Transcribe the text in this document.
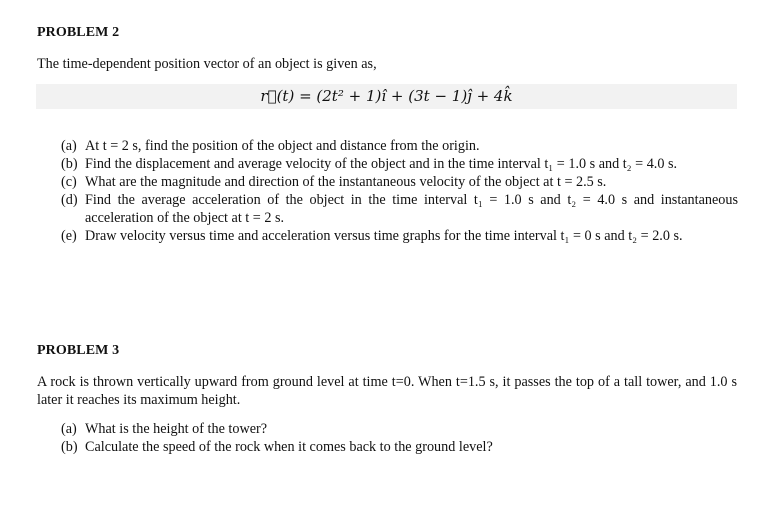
PROBLEM 2
The time-dependent position vector of an object is given as,
r⃗(t) = (2t² + 1)î + (3t − 1)ĵ + 4k̂
(a) At t = 2 s, find the position of the object and distance from the origin.
(b) Find the displacement and average velocity of the object and in the time interval t₁ = 1.0 s and t₂ = 4.0 s.
(c) What are the magnitude and direction of the instantaneous velocity of the object at t = 2.5 s.
(d) Find the average acceleration of the object in the time interval t₁ = 1.0 s and t₂ = 4.0 s and instantaneous acceleration of the object at t = 2 s.
(e) Draw velocity versus time and acceleration versus time graphs for the time interval t₁ = 0 s and t₂ = 2.0 s.
PROBLEM 3
A rock is thrown vertically upward from ground level at time t=0. When t=1.5 s, it passes the top of a tall tower, and 1.0 s later it reaches its maximum height.
(a) What is the height of the tower?
(b) Calculate the speed of the rock when it comes back to the ground level?
